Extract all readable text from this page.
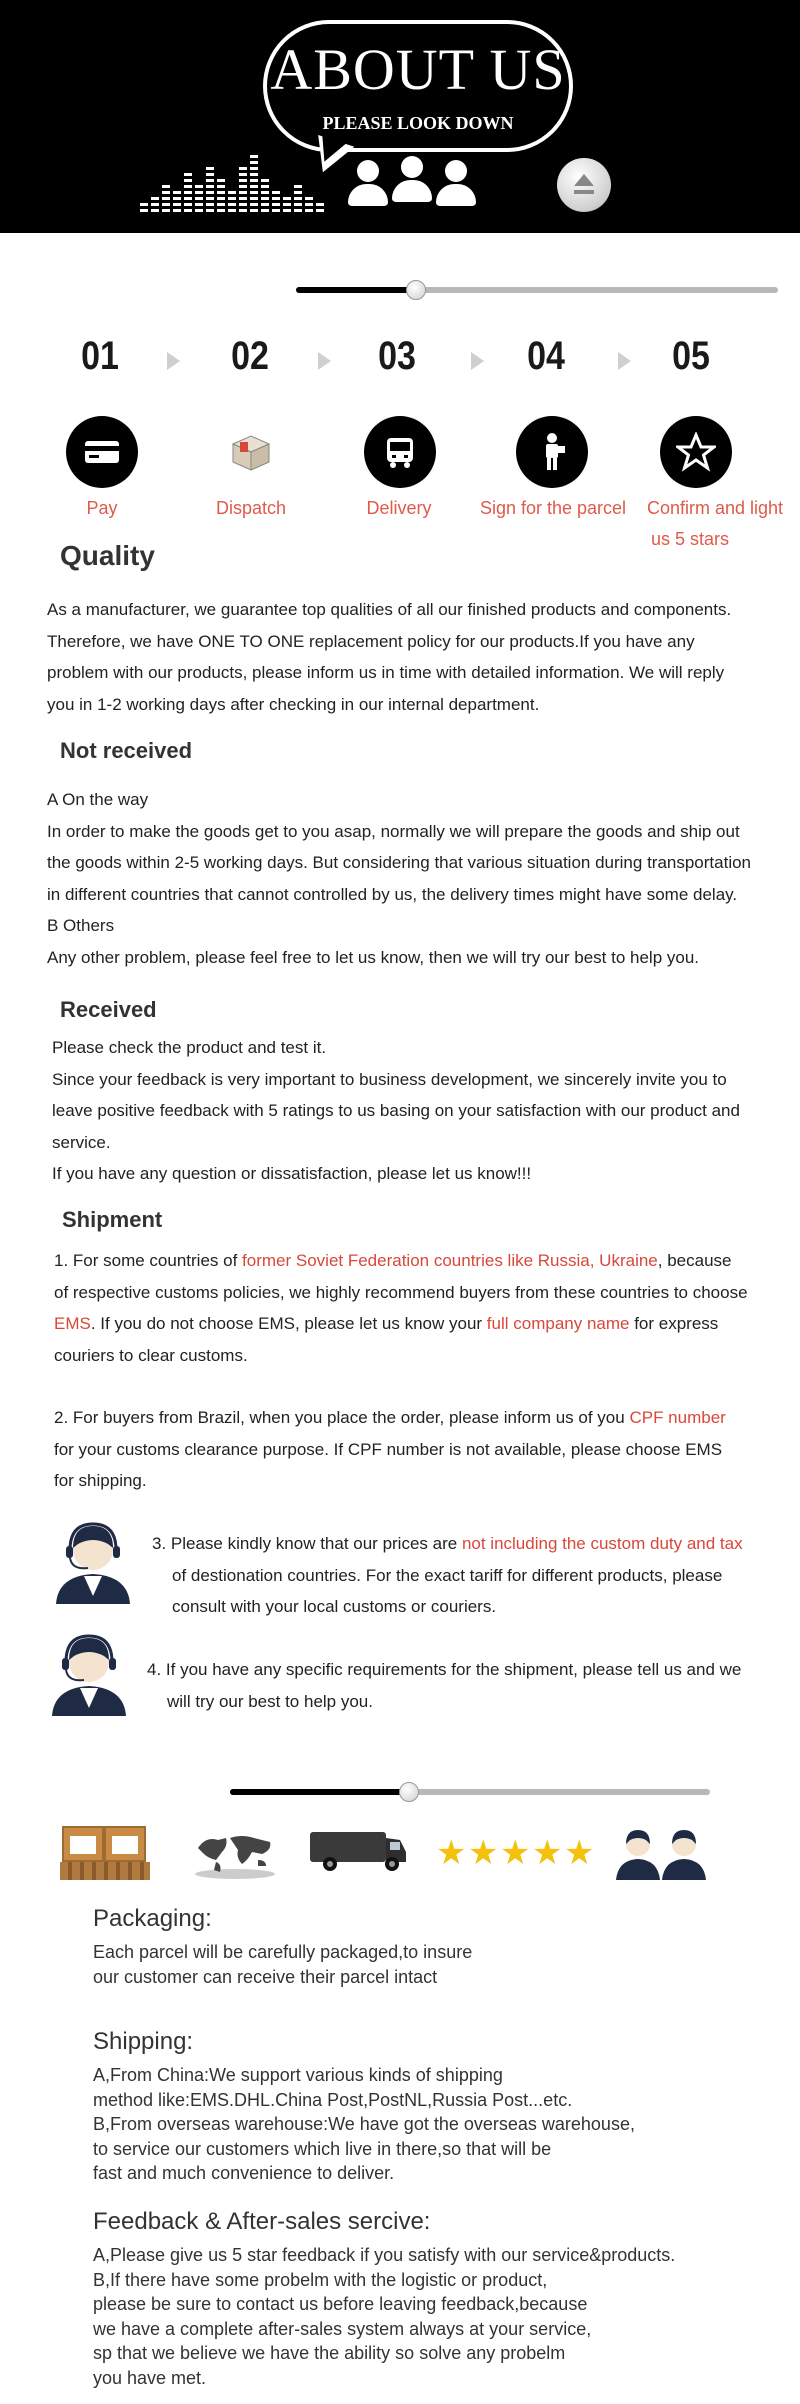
ABOUT US
PLEASE LOOK DOWN
01	02	03	04	05
Pay	Dispatch	Delivery	Sign for the parcel	Confirm and light
us 5 stars
Quality
As a manufacturer, we guarantee top qualities of all our finished products and components.
Therefore, we have ONE TO ONE replacement policy for our products.If you have any
problem with our products, please inform us in time with detailed information. We will reply
you in 1-2 working days after checking in our internal department.
Not received
A On the way
In order to make the goods get to you asap, normally we will prepare the goods and ship out
the goods within 2-5 working days. But considering that various situation during transportation
in different countries that cannot controlled by us, the delivery times might have some delay.
B Others
Any other problem, please feel free to let us know, then we will try our best to help you.
Received
Please check the product and test it.
Since your feedback is very important to business development, we sincerely invite you to
leave positive feedback with 5 ratings to us basing on your satisfaction with our product and
service.
If you have any question or dissatisfaction, please let us know!!!
Shipment
1. For some countries of former Soviet Federation countries like Russia, Ukraine, because
of respective customs policies, we highly recommend buyers from these countries to choose
EMS. If you do not choose EMS, please let us know your full company name for express
couriers to clear customs.
2. For buyers from Brazil, when you place the order, please inform us of you CPF number
for your customs clearance purpose. If CPF number is not available, please choose EMS
for shipping.
3. Please kindly know that our prices are not including the custom duty and tax
of destionation countries. For the exact tariff for different products, please
consult with your local customs or couriers.
4. If you have any specific requirements for the shipment, please tell us and we
will try our best to help you.
★ ★ ★ ★ ★
Packaging:
Each parcel will be carefully packaged,to insure
our customer can receive their parcel intact
Shipping:
A,From China:We support various kinds of shipping
method like:EMS.DHL.China Post,PostNL,Russia Post...etc.
B,From overseas warehouse:We have got the overseas warehouse,
to service our customers which live in there,so that will be
fast and much convenience to deliver.
Feedback & After-sales sercive:
A,Please give us 5 star feedback if you satisfy with our service&products.
B,If there have some probelm with the logistic or product,
please be sure to contact us before leaving feedback,because
we have a complete after-sales system always at your service,
sp that we believe we have the ability so solve any probelm
you have met.
